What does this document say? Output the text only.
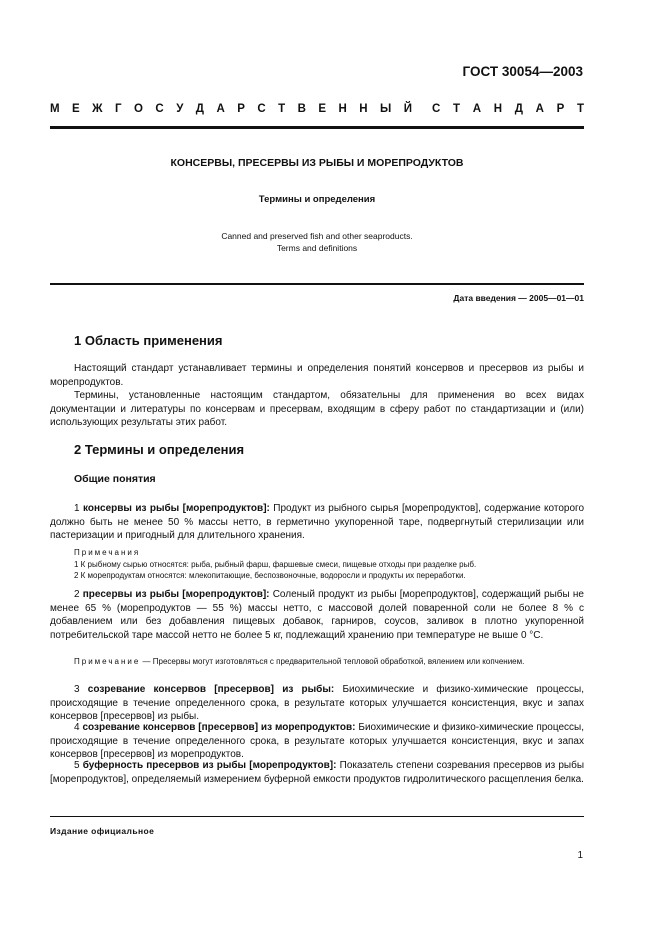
ГОСТ 30054—2003
М Е Ж Г О С У Д А Р С Т В Е Н Н Ы Й С Т А Н Д А Р Т
КОНСЕРВЫ, ПРЕСЕРВЫ ИЗ РЫБЫ И МОРЕПРОДУКТОВ
Термины и определения
Canned and preserved fish and other seaproducts.
Terms and definitions
Дата введения — 2005—01—01
1 Область применения
Настоящий стандарт устанавливает термины и определения понятий консервов и пресервов из рыбы и морепродуктов.
Термины, установленные настоящим стандартом, обязательны для применения во всех видах документации и литературы по консервам и пресервам, входящим в сферу работ по стандартизации и (или) использующих результаты этих работ.
2 Термины и определения
Общие понятия
1 консервы из рыбы [морепродуктов]: Продукт из рыбного сырья [морепродуктов], содержание которого должно быть не менее 50 % массы нетто, в герметично укупоренной таре, подвергнутый стерилизации или пастеризации и пригодный для длительного хранения.
Примечания
1 К рыбному сырью относятся: рыба, рыбный фарш, фаршевые смеси, пищевые отходы при разделке рыб.
2 К морепродуктам относятся: млекопитающие, беспозвоночные, водоросли и продукты их переработки.
2 пресервы из рыбы [морепродуктов]: Соленый продукт из рыбы [морепродуктов], содержащий рыбы не менее 65 % (морепродуктов — 55 %) массы нетто, с массовой долей поваренной соли не более 8 % с добавлением или без добавления пищевых добавок, гарниров, соусов, заливок в плотно укупоренной потребительской таре массой нетто не более 5 кг, подлежащий хранению при температуре не выше 0 °С.
Примечание — Пресервы могут изготовляться с предварительной тепловой обработкой, вялением или копчением.
3 созревание консервов [пресервов] из рыбы: Биохимические и физико-химические процессы, происходящие в течение определенного срока, в результате которых улучшается консистенция, вкус и запах консервов [пресервов] из рыбы.
4 созревание консервов [пресервов] из морепродуктов: Биохимические и физико-химические процессы, происходящие в течение определенного срока, в результате которых улучшается консистенция, вкус и запах консервов [пресервов] из морепродуктов.
5 буферность пресервов из рыбы [морепродуктов]: Показатель степени созревания пресервов из рыбы [морепродуктов], определяемый измерением буферной емкости продуктов гидролитического расщепления белка.
Издание официальное
1
